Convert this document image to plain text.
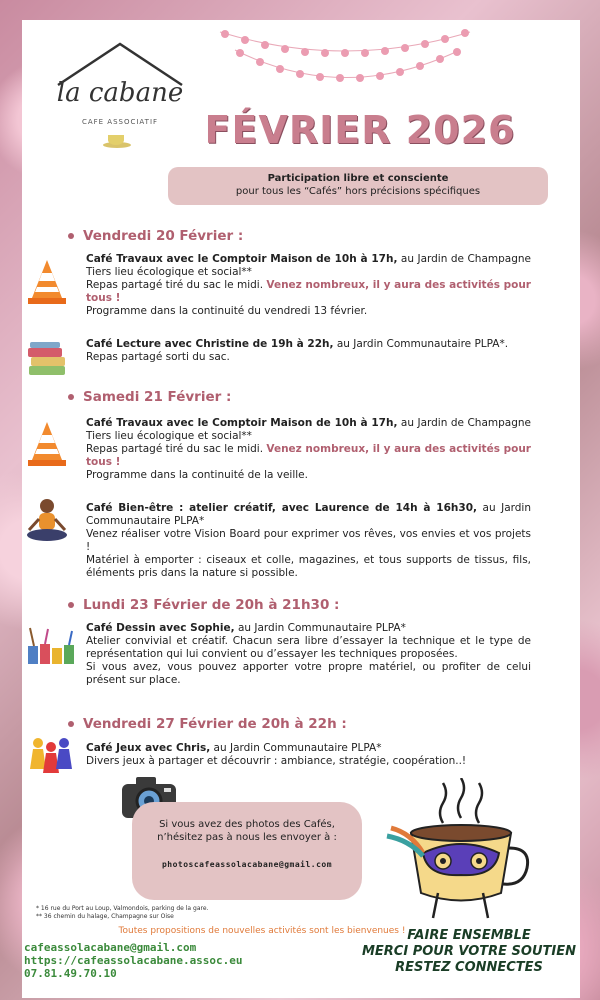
la cabane
CAFE ASSOCIATIF	FÉVRIER 2026
Participation libre et consciente
pour tous les “Cafés” hors précisions spécifiques
Vendredi 20 Février :
Café Travaux avec le Comptoir Maison de 10h à 17h, au Jardin de Champagne Tiers lieu écologique et social**
Repas partagé tiré du sac le midi. Venez nombreux, il y aura des activités pour tous !
Programme dans la continuité du vendredi 13 février.
Café Lecture avec Christine de 19h à 22h, au Jardin Communautaire PLPA*.
Repas partagé sorti du sac.
Samedi 21 Février :
Café Travaux avec le Comptoir Maison de 10h à 17h, au Jardin de Champagne Tiers lieu écologique et social**
Repas partagé tiré du sac le midi. Venez nombreux, il y aura des activités pour tous !
Programme dans la continuité de la veille.
Café Bien-être : atelier créatif, avec Laurence de 14h à 16h30, au Jardin Communautaire PLPA*
Venez réaliser votre Vision Board pour exprimer vos rêves, vos envies et vos projets !
Matériel à emporter : ciseaux et colle, magazines, et tous supports de tissus, fils, éléments pris dans la nature si possible.
Lundi 23 Février de 20h à 21h30 :
Café Dessin avec Sophie, au Jardin Communautaire PLPA*
Atelier convivial et créatif. Chacun sera libre d’essayer la technique et le type de représentation qui lui convient ou d’essayer les techniques proposées.
Si vous avez, vous pouvez apporter votre propre matériel, ou profiter de celui présent sur place.
Vendredi 27 Février de 20h à 22h :
Café Jeux avec Chris, au Jardin Communautaire PLPA*
Divers jeux à partager et découvrir : ambiance, stratégie, coopération..!
Si vous avez des photos des Cafés,
n’hésitez pas à nous les envoyer à :
photoscafeassolacabane@gmail.com
* 16 rue du Port au Loup, Valmondois, parking de la gare.
** 36 chemin du halage, Champagne sur Oise
Toutes propositions de nouvelles activités sont les bienvenues !
cafeassolacabane@gmail.com
https://cafeassolacabane.assoc.eu
07.81.49.70.10
FAIRE ENSEMBLE
MERCI POUR VOTRE SOUTIEN
RESTEZ CONNECTES
